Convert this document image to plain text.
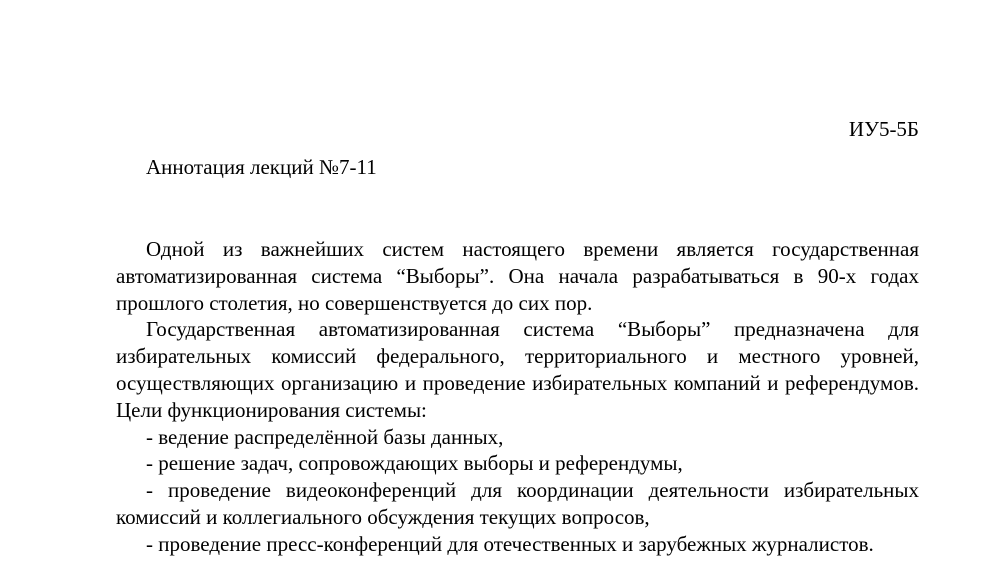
ИУ5-5Б

Аннотация лекций №7-11

Одной из важнейших систем настоящего времени является государственная автоматизированная система “Выборы”. Она начала разрабатываться в 90-х годах прошлого столетия, но совершенствуется до сих пор.

Государственная автоматизированная система “Выборы” предназначена для избирательных комиссий федерального, территориального и местного уровней, осуществляющих организацию и проведение избирательных компаний и референдумов. Цели функционирования системы:

- ведение распределённой базы данных,

- решение задач, сопровождающих выборы и референдумы,

- проведение видеоконференций для координации деятельности избирательных комиссий и коллегиального обсуждения текущих вопросов,

- проведение пресс-конференций для отечественных и зарубежных журналистов.
